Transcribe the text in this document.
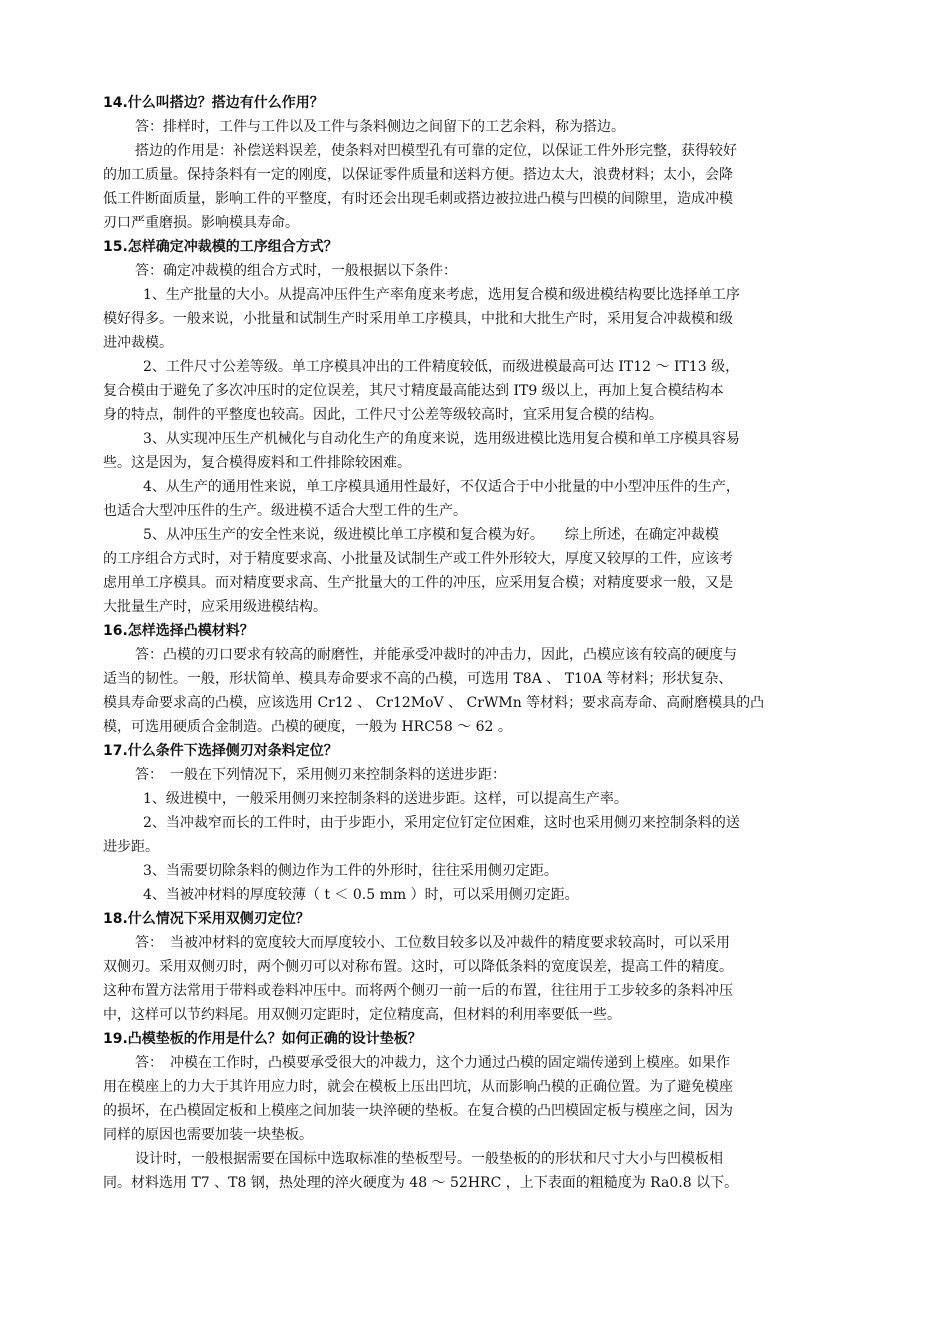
14.什么叫搭边？搭边有什么作用？
答：排样时，工件与工件以及工件与条料侧边之间留下的工艺余料，称为搭边。
搭边的作用是：补偿送料误差，使条料对凹模型孔有可靠的定位，以保证工件外形完整，获得较好
的加工质量。保持条料有一定的刚度，以保证零件质量和送料方便。搭边太大，浪费材料；太小，会降
低工件断面质量，影响工件的平整度，有时还会出现毛刺或搭边被拉进凸模与凹模的间隙里，造成冲模
刃口严重磨损。影响模具寿命。
15.怎样确定冲裁模的工序组合方式？
答：确定冲裁模的组合方式时，一般根据以下条件：
1、生产批量的大小。从提高冲压件生产率角度来考虑，选用复合模和级进模结构要比选择单工序
模好得多。一般来说，小批量和试制生产时采用单工序模具，中批和大批生产时，采用复合冲裁模和级
进冲裁模。
2、工件尺寸公差等级。单工序模具冲出的工件精度较低，而级进模最高可达 IT12 ～ IT13 级，
复合模由于避免了多次冲压时的定位误差，其尺寸精度最高能达到 IT9 级以上，再加上复合模结构本
身的特点，制件的平整度也较高。因此，工件尺寸公差等级较高时，宜采用复合模的结构。
3、从实现冲压生产机械化与自动化生产的角度来说，选用级进模比选用复合模和单工序模具容易
些。这是因为，复合模得废料和工件排除较困难。
4、从生产的通用性来说，单工序模具通用性最好，不仅适合于中小批量的中小型冲压件的生产，
也适合大型冲压件的生产。级进模不适合大型工件的生产。
5、从冲压生产的安全性来说，级进模比单工序模和复合模为好。　　综上所述，在确定冲裁模
的工序组合方式时，对于精度要求高、小批量及试制生产或工件外形较大，厚度又较厚的工件，应该考
虑用单工序模具。而对精度要求高、生产批量大的工件的冲压，应采用复合模；对精度要求一般，又是
大批量生产时，应采用级进模结构。
16.怎样选择凸模材料？
答：凸模的刃口要求有较高的耐磨性，并能承受冲裁时的冲击力，因此，凸模应该有较高的硬度与
适当的韧性。一般，形状简单、模具寿命要求不高的凸模，可选用 T8A 、 T10A 等材料；形状复杂、
模具寿命要求高的凸模，应该选用 Cr12 、 Cr12MoV 、 CrWMn 等材料；要求高寿命、高耐磨模具的凸
模，可选用硬质合金制造。凸模的硬度，一般为 HRC58 ～ 62 。
17.什么条件下选择侧刃对条料定位？
答：　一般在下列情况下，采用侧刃来控制条料的送进步距：
1、级进模中，一般采用侧刃来控制条料的送进步距。这样，可以提高生产率。
2、当冲裁窄而长的工件时，由于步距小，采用定位钉定位困难，这时也采用侧刃来控制条料的送
进步距。
3、当需要切除条料的侧边作为工件的外形时，往往采用侧刃定距。
4、当被冲材料的厚度较薄（ t ＜ 0.5 mm ）时，可以采用侧刃定距。
18.什么情况下采用双侧刃定位？
答：　当被冲材料的宽度较大而厚度较小、工位数目较多以及冲裁件的精度要求较高时，可以采用
双侧刃。采用双侧刃时，两个侧刃可以对称布置。这时，可以降低条料的宽度误差，提高工件的精度。
这种布置方法常用于带料或卷料冲压中。而将两个侧刃一前一后的布置，往往用于工步较多的条料冲压
中，这样可以节约料尾。用双侧刃定距时，定位精度高，但材料的利用率要低一些。
19.凸模垫板的作用是什么？如何正确的设计垫板？
答：　冲模在工作时，凸模要承受很大的冲裁力，这个力通过凸模的固定端传递到上模座。如果作
用在模座上的力大于其许用应力时，就会在模板上压出凹坑，从而影响凸模的正确位置。为了避免模座
的损坏，在凸模固定板和上模座之间加装一块淬硬的垫板。在复合模的凸凹模固定板与模座之间，因为
同样的原因也需要加装一块垫板。
设计时，一般根据需要在国标中选取标准的垫板型号。一般垫板的的形状和尺寸大小与凹模板相
同。材料选用 T7 、T8 钢，热处理的淬火硬度为 48 ～ 52HRC ，上下表面的粗糙度为 Ra0.8 以下。
